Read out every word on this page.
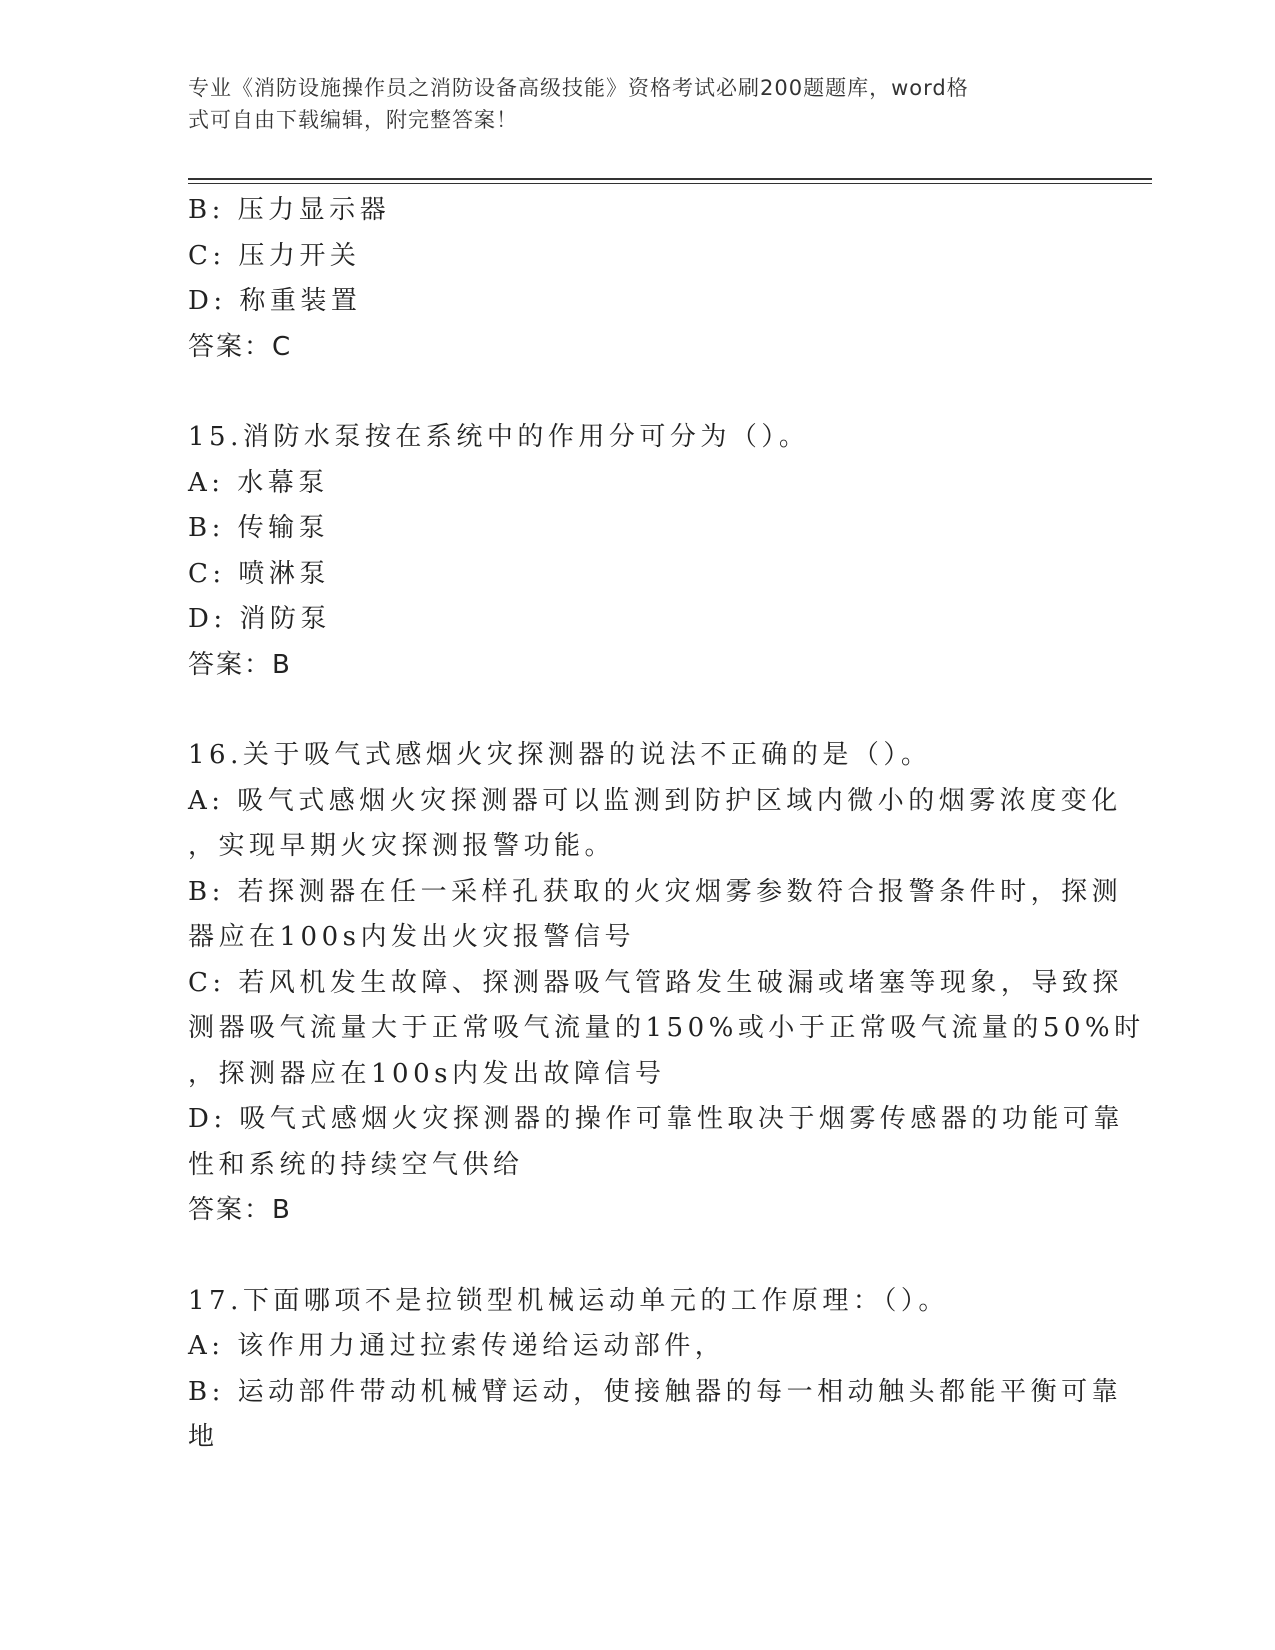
专业《消防设施操作员之消防设备高级技能》资格考试必刷200题题库，word格
式可自由下载编辑，附完整答案！
B: 压力显示器
C: 压力开关
D: 称重装置
答案：C
15.消防水泵按在系统中的作用分可分为（）。
A: 水幕泵
B: 传输泵
C: 喷淋泵
D: 消防泵
答案：B
16.关于吸气式感烟火灾探测器的说法不正确的是（）。
A: 吸气式感烟火灾探测器可以监测到防护区域内微小的烟雾浓度变化
，实现早期火灾探测报警功能。
B: 若探测器在任一采样孔获取的火灾烟雾参数符合报警条件时，探测
器应在100s内发出火灾报警信号
C: 若风机发生故障、探测器吸气管路发生破漏或堵塞等现象，导致探
测器吸气流量大于正常吸气流量的150%或小于正常吸气流量的50%时
，探测器应在100s内发出故障信号
D: 吸气式感烟火灾探测器的操作可靠性取决于烟雾传感器的功能可靠
性和系统的持续空气供给
答案：B
17.下面哪项不是拉锁型机械运动单元的工作原理：（）。
A: 该作用力通过拉索传递给运动部件，
B: 运动部件带动机械臂运动，使接触器的每一相动触头都能平衡可靠
地
